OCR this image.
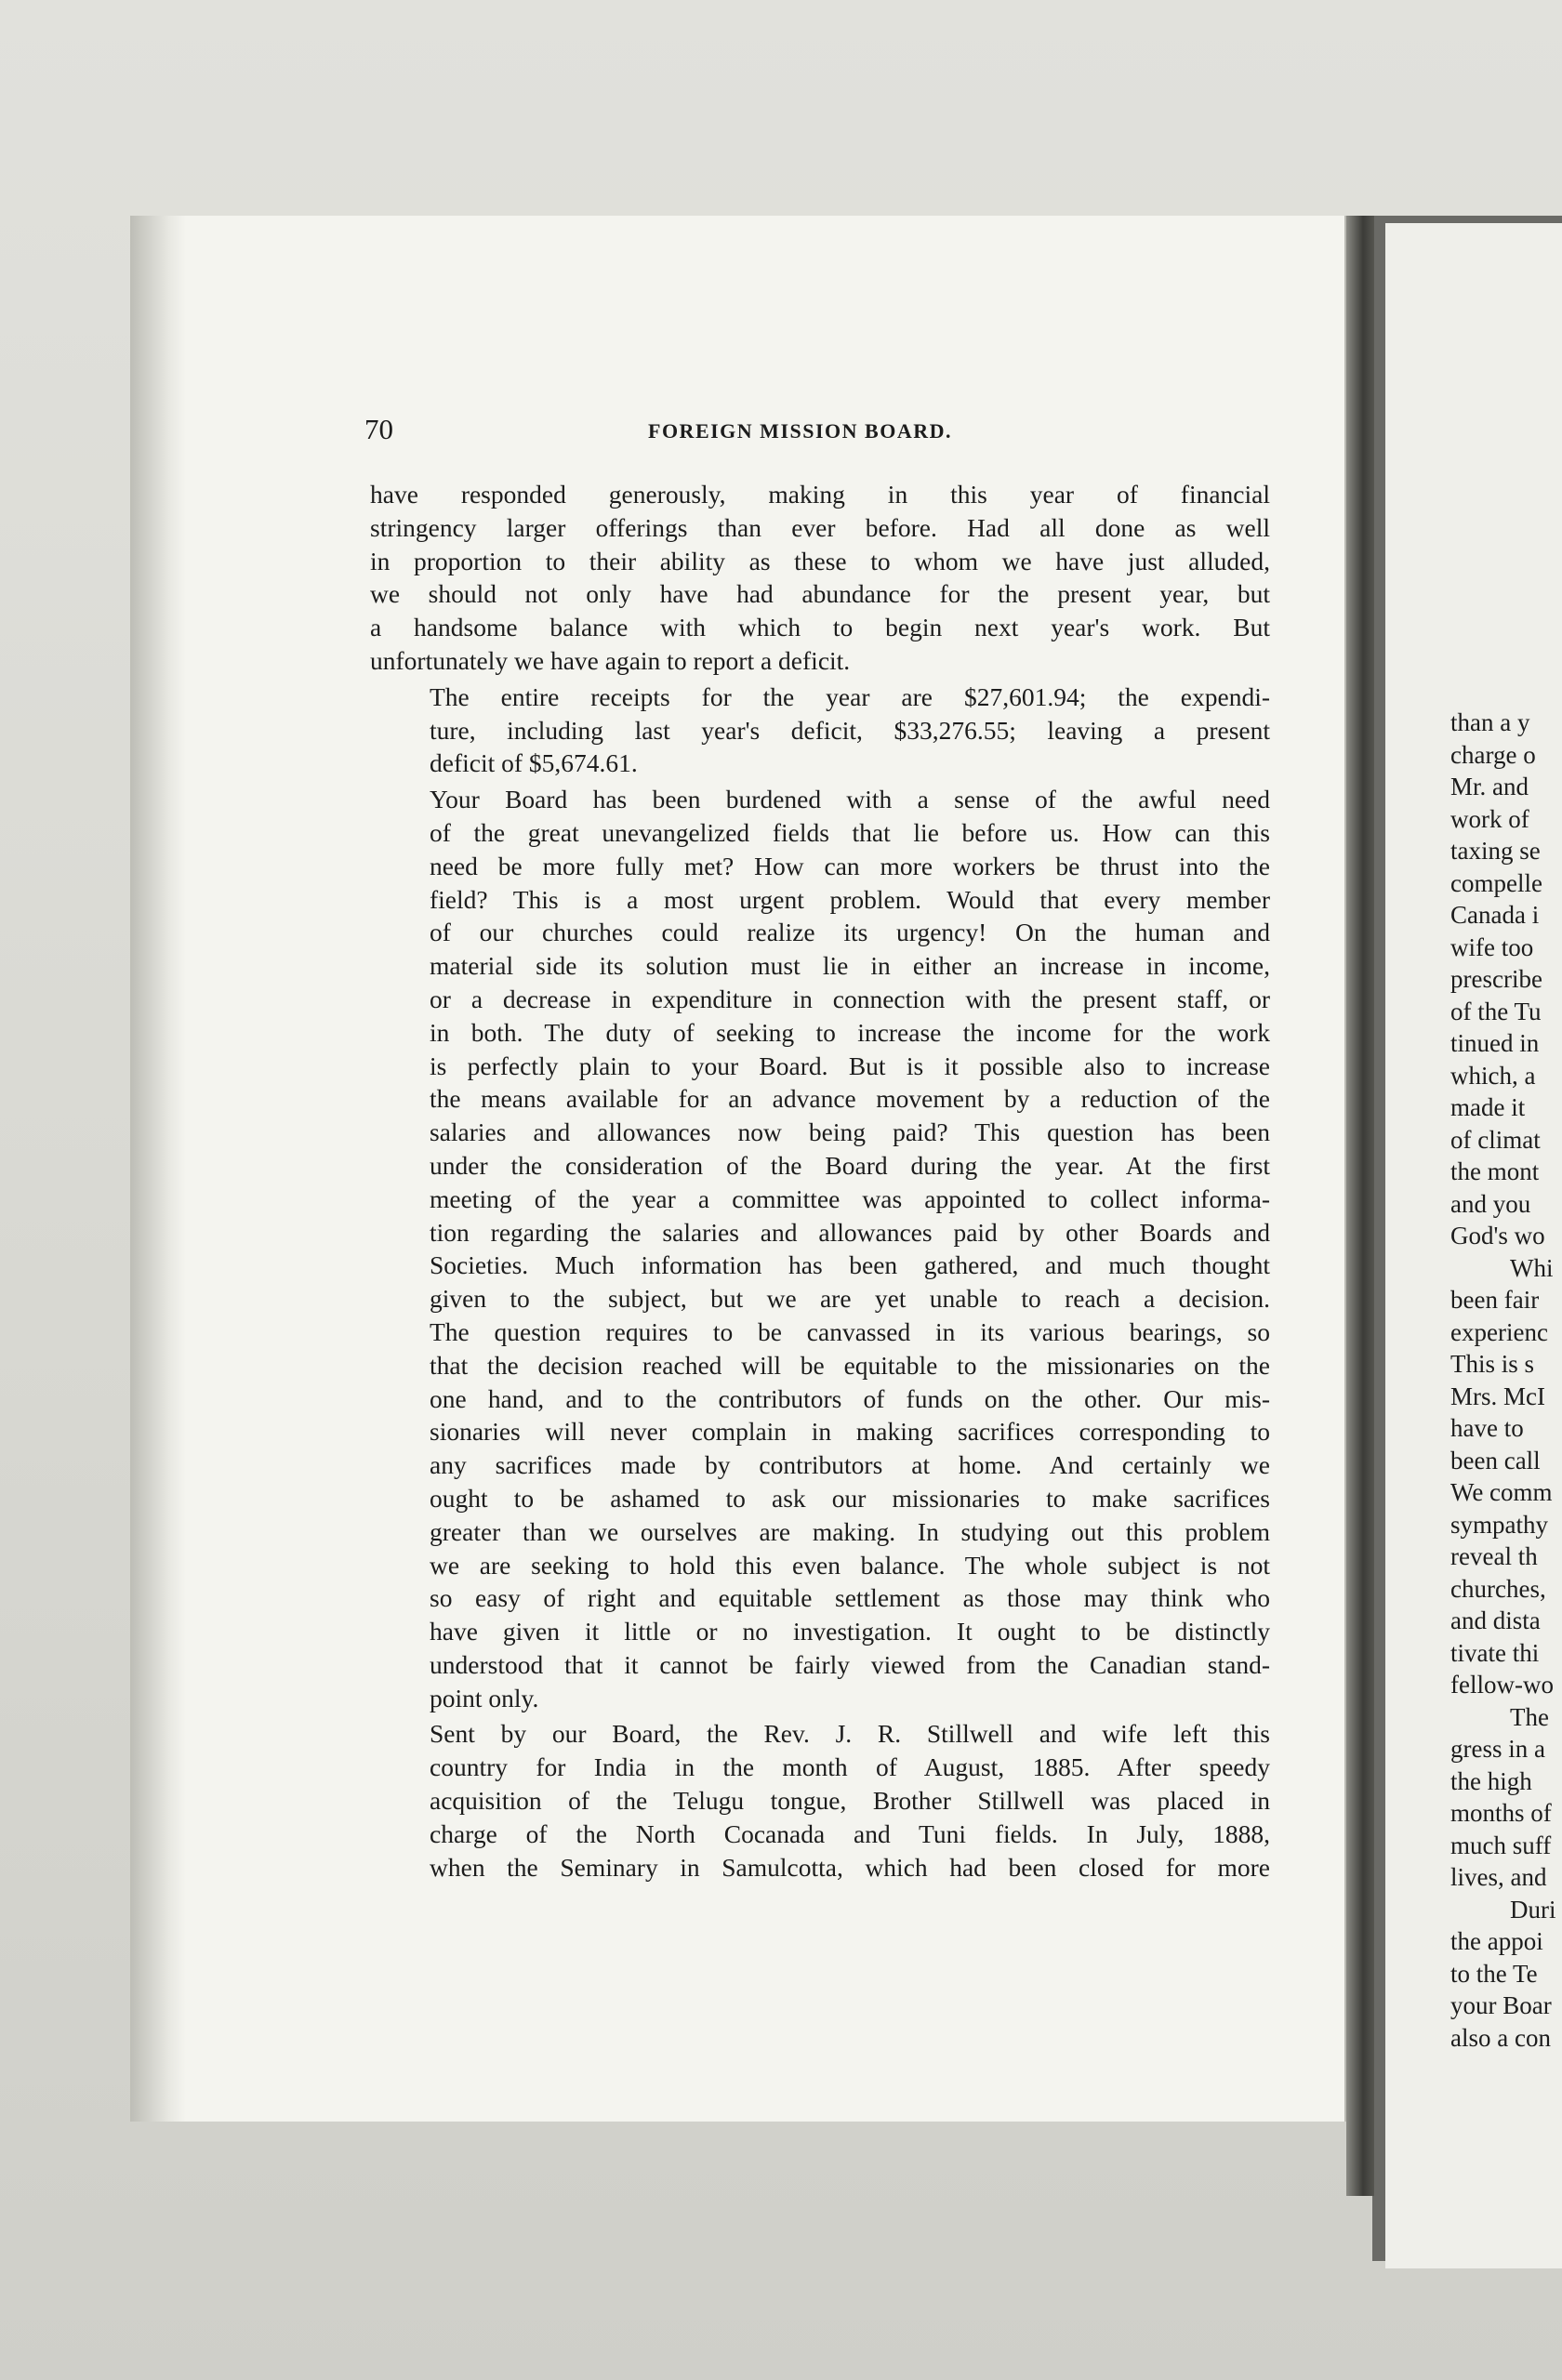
70	FOREIGN MISSION BOARD.

have responded generously, making in this year of financial
stringency larger offerings than ever before. Had all done as well
in proportion to their ability as these to whom we have just alluded,
we should not only have had abundance for the present year, but
a handsome balance with which to begin next year's work. But
unfortunately we have again to report a deficit.

The entire receipts for the year are $27,601.94; the expendi-
ture, including last year's deficit, $33,276.55; leaving a present
deficit of $5,674.61.

Your Board has been burdened with a sense of the awful need
of the great unevangelized fields that lie before us. How can this
need be more fully met? How can more workers be thrust into the
field? This is a most urgent problem. Would that every member
of our churches could realize its urgency! On the human and
material side its solution must lie in either an increase in income,
or a decrease in expenditure in connection with the present staff, or
in both. The duty of seeking to increase the income for the work
is perfectly plain to your Board. But is it possible also to increase
the means available for an advance movement by a reduction of the
salaries and allowances now being paid? This question has been
under the consideration of the Board during the year. At the first
meeting of the year a committee was appointed to collect informa-
tion regarding the salaries and allowances paid by other Boards and
Societies. Much information has been gathered, and much thought
given to the subject, but we are yet unable to reach a decision.
The question requires to be canvassed in its various bearings, so
that the decision reached will be equitable to the missionaries on the
one hand, and to the contributors of funds on the other. Our mis-
sionaries will never complain in making sacrifices corresponding to
any sacrifices made by contributors at home. And certainly we
ought to be ashamed to ask our missionaries to make sacrifices
greater than we ourselves are making. In studying out this problem
we are seeking to hold this even balance. The whole subject is not
so easy of right and equitable settlement as those may think who
have given it little or no investigation. It ought to be distinctly
understood that it cannot be fairly viewed from the Canadian stand-
point only.

Sent by our Board, the Rev. J. R. Stillwell and wife left this
country for India in the month of August, 1885. After speedy
acquisition of the Telugu tongue, Brother Stillwell was placed in
charge of the North Cocanada and Tuni fields. In July, 1888,
when the Seminary in Samulcotta, which had been closed for more

than a y

charge o

Mr. and

work of

taxing se

compelle

Canada i

wife too

prescribe

of the Tu

tinued in

which, a

made it

of climat

the mont

and you

God's wo

Whi

been fair

experienc

This is s

Mrs. McI

have to

been call

We comm

sympathy

reveal th

churches,

and dista

tivate thi

fellow-wo

The

gress in a

the high

months of

much suff

lives, and

Duri

the appoi

to the Te

your Boar

also a con
